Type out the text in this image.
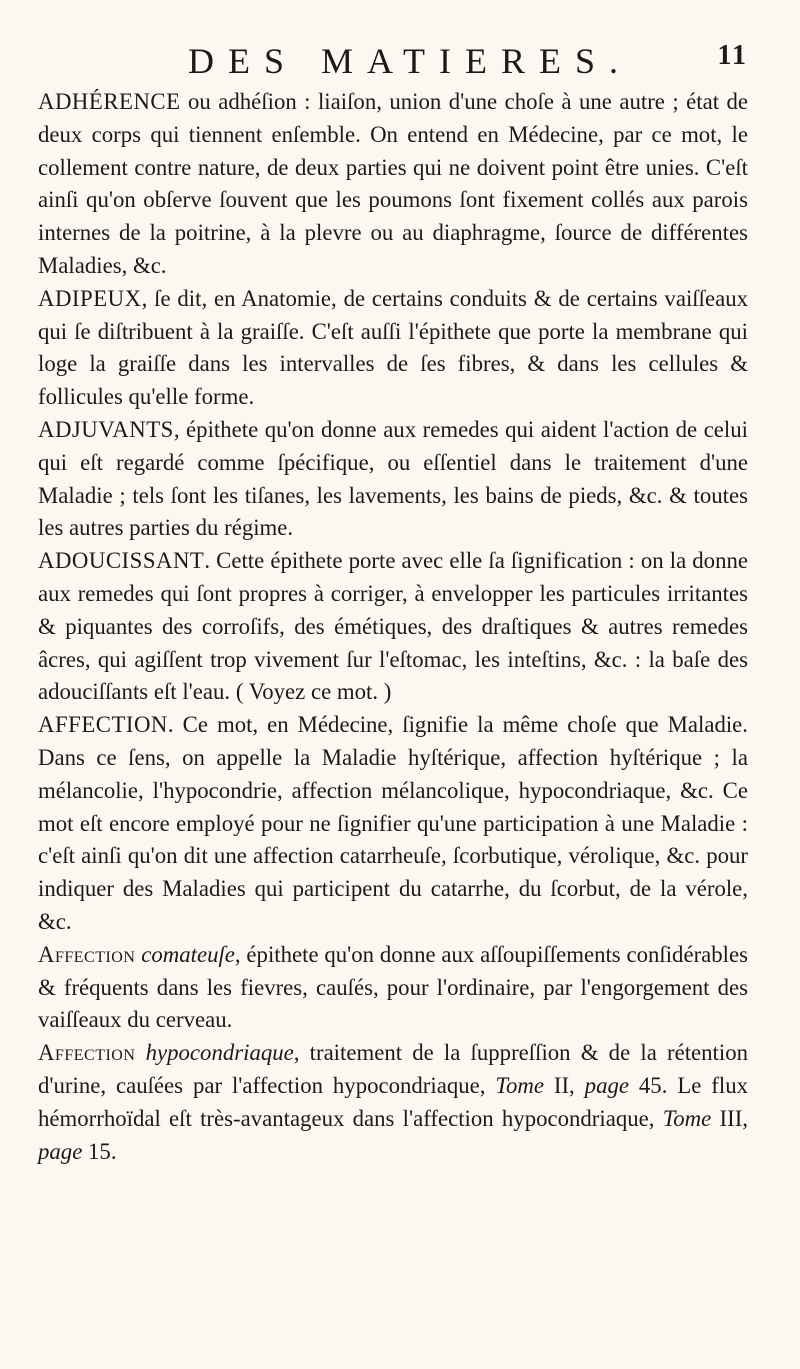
DES MATIERES.	11

ADHÉRENCE ou adhéſion : liaiſon, union d'une choſe à une autre ; état de deux corps qui tiennent enſemble. On entend en Médecine, par ce mot, le collement contre nature, de deux parties qui ne doivent point être unies. C'eſt ainſi qu'on obſerve ſouvent que les poumons ſont fixement collés aux parois internes de la poitrine, à la plevre ou au diaphragme, ſource de différentes Maladies, &c.

ADIPEUX, ſe dit, en Anatomie, de certains conduits & de certains vaiſſeaux qui ſe diſtribuent à la graiſſe. C'eſt auſſi l'épithete que porte la membrane qui loge la graiſſe dans les intervalles de ſes fibres, & dans les cellules & follicules qu'elle forme.

ADJUVANTS, épithete qu'on donne aux remedes qui aident l'action de celui qui eſt regardé comme ſpécifique, ou eſſentiel dans le traitement d'une Maladie ; tels ſont les tiſanes, les lavements, les bains de pieds, &c. & toutes les autres parties du régime.

ADOUCISSANT. Cette épithete porte avec elle ſa ſignification : on la donne aux remedes qui ſont propres à corriger, à envelopper les particules irritantes & piquantes des corroſifs, des émétiques, des draſtiques & autres remedes âcres, qui agiſſent trop vivement ſur l'eſtomac, les inteſtins, &c. : la baſe des adouciſſants eſt l'eau. ( Voyez ce mot. )

AFFECTION. Ce mot, en Médecine, ſignifie la même choſe que Maladie. Dans ce ſens, on appelle la Maladie hyſtérique, affection hyſtérique ; la mélancolie, l'hypocondrie, affection mélancolique, hypocondriaque, &c. Ce mot eſt encore employé pour ne ſignifier qu'une participation à une Maladie : c'eſt ainſi qu'on dit une affection catarrheuſe, ſcorbutique, vérolique, &c. pour indiquer des Maladies qui participent du catarrhe, du ſcorbut, de la vérole, &c.

Affection comateuſe, épithete qu'on donne aux aſſoupiſſements conſidérables & fréquents dans les fievres, cauſés, pour l'ordinaire, par l'engorgement des vaiſſeaux du cerveau.

Affection hypocondriaque, traitement de la ſuppreſſion & de la rétention d'urine, cauſées par l'affection hypocondriaque, Tome II, page 45. Le flux hémorrhoïdal eſt très-avantageux dans l'affection hypocondriaque, Tome III, page 15.
